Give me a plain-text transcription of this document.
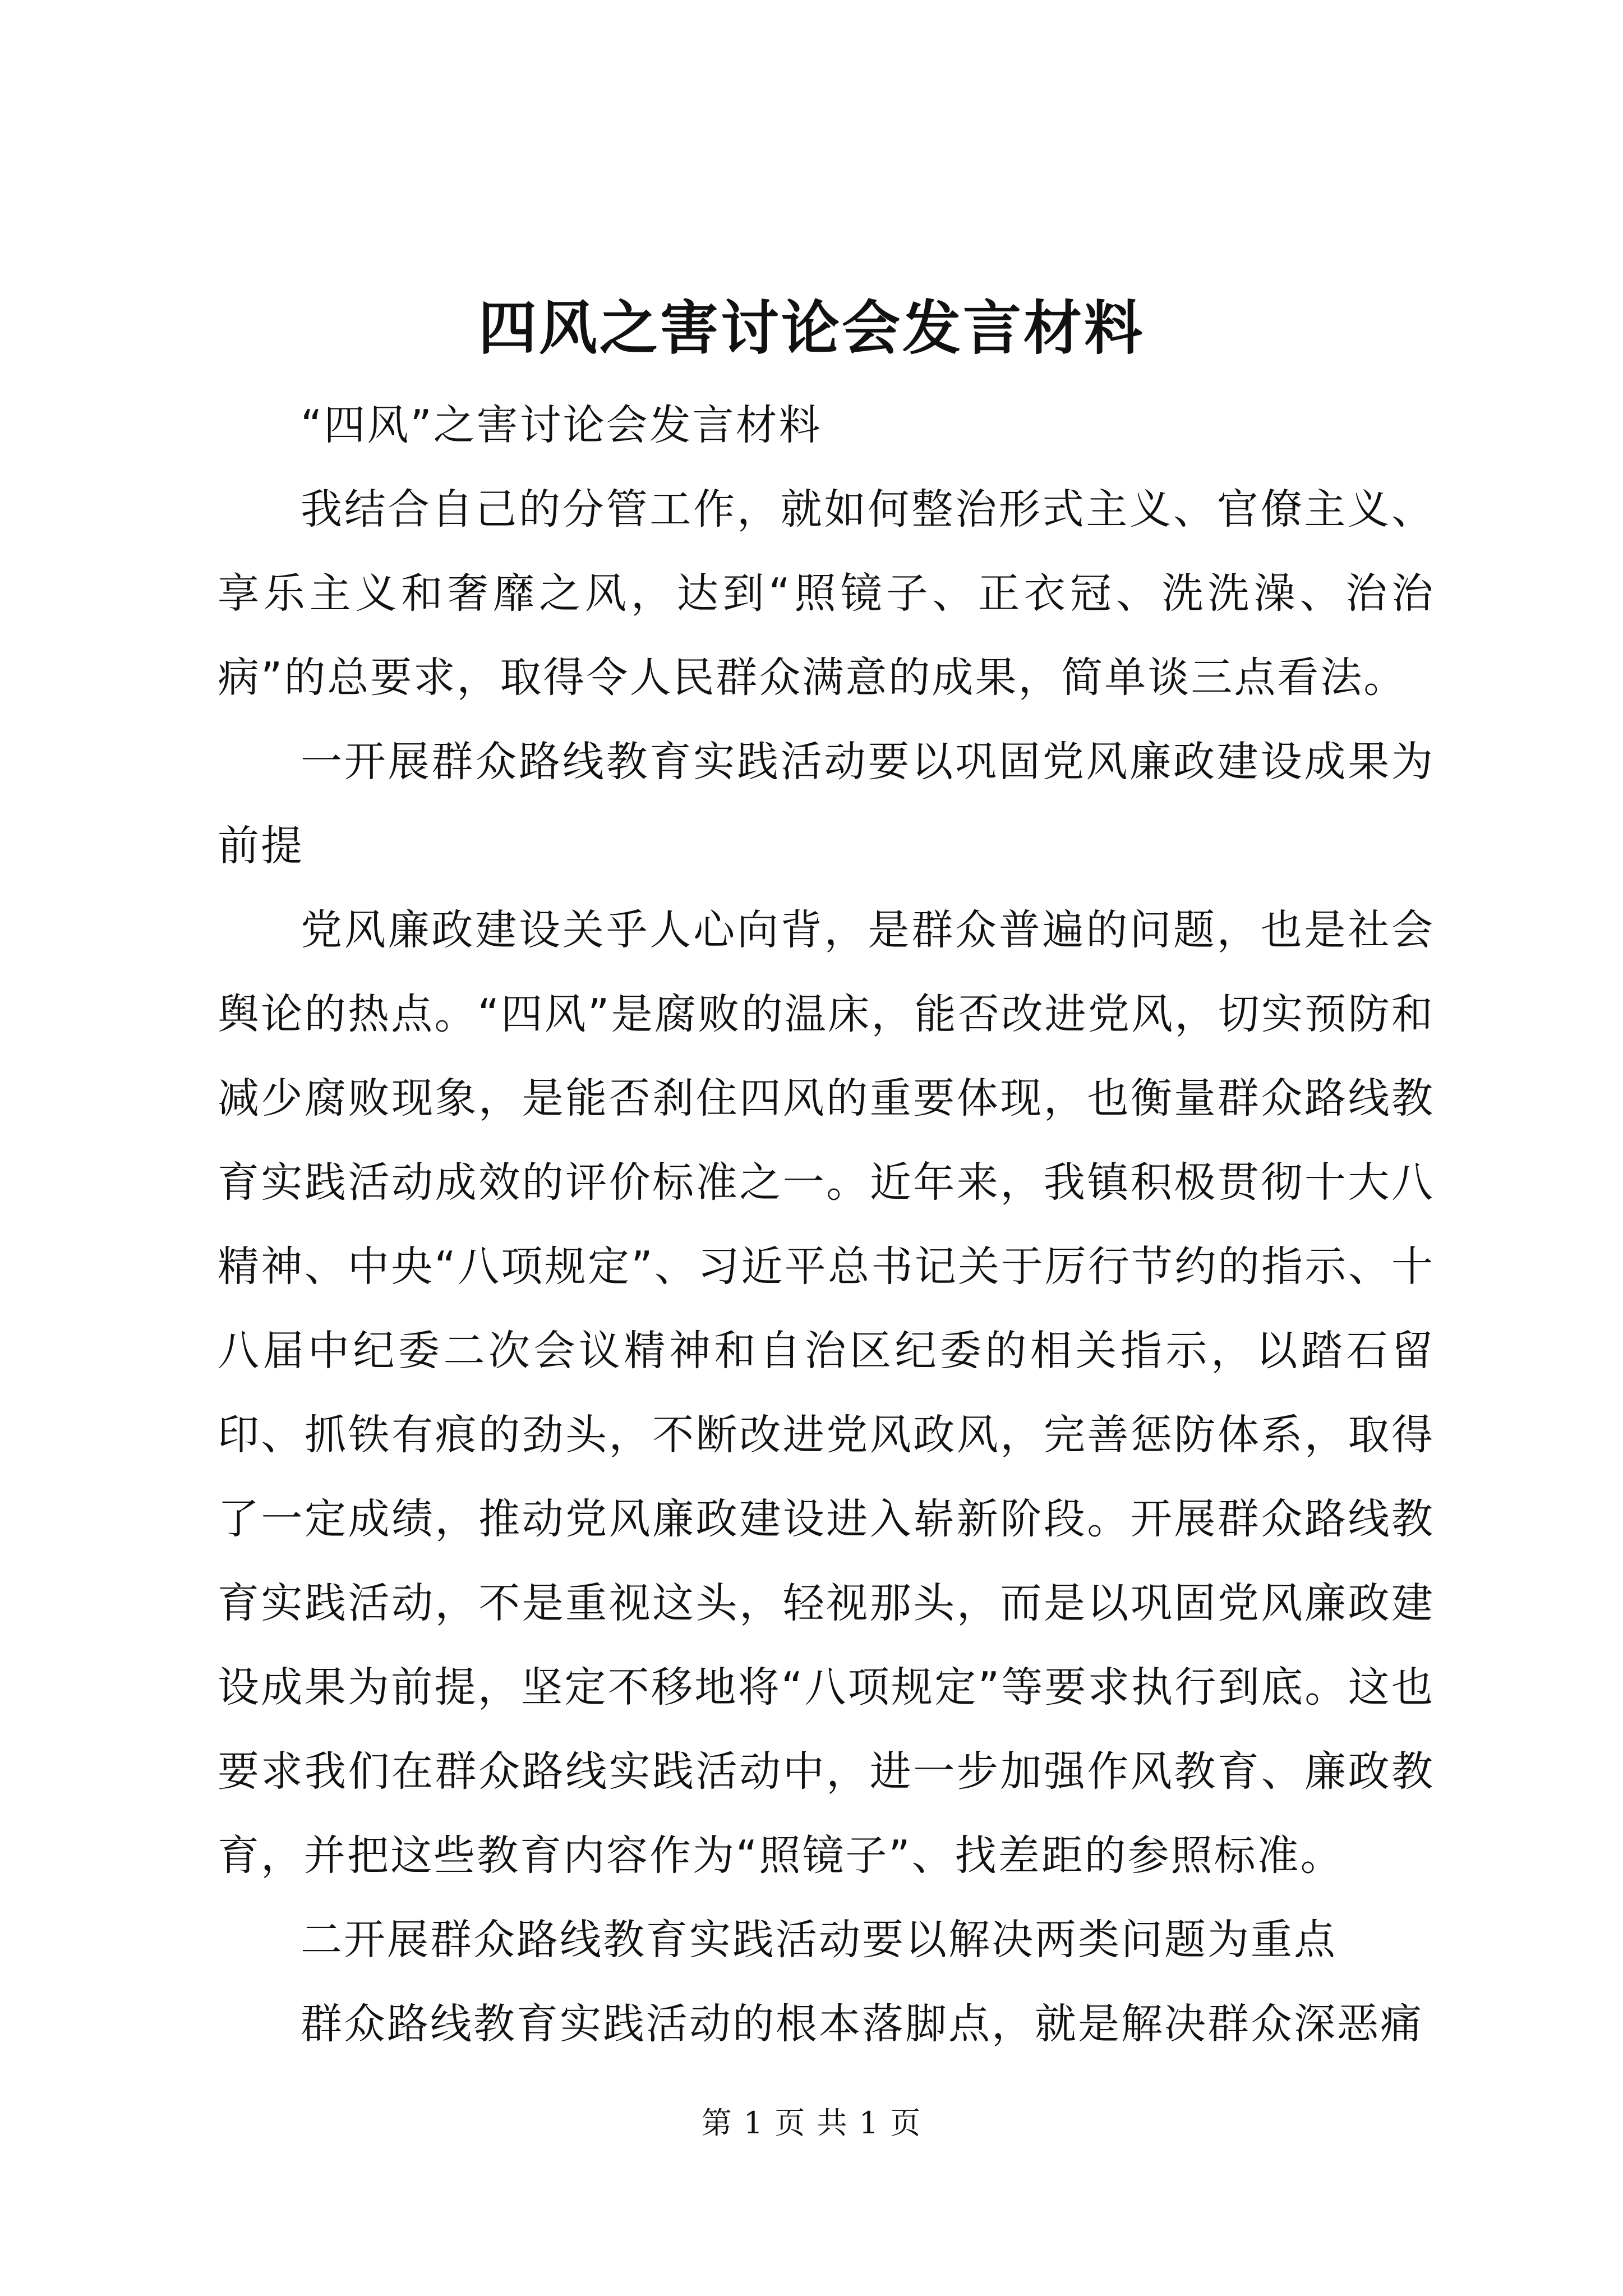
四风之害讨论会发言材料

“四风”之害讨论会发言材料

我结合自己的分管工作，就如何整治形式主义、官僚主义、享乐主义和奢靡之风，达到“照镜子、正衣冠、洗洗澡、治治病”的总要求，取得令人民群众满意的成果，简单谈三点看法。

一开展群众路线教育实践活动要以巩固党风廉政建设成果为前提

党风廉政建设关乎人心向背，是群众普遍的问题，也是社会舆论的热点。“四风”是腐败的温床，能否改进党风，切实预防和减少腐败现象，是能否刹住四风的重要体现，也衡量群众路线教育实践活动成效的评价标准之一。近年来，我镇积极贯彻十大八精神、中央“八项规定”、习近平总书记关于厉行节约的指示、十八届中纪委二次会议精神和自治区纪委的相关指示，以踏石留印、抓铁有痕的劲头，不断改进党风政风，完善惩防体系，取得了一定成绩，推动党风廉政建设进入崭新阶段。开展群众路线教育实践活动，不是重视这头，轻视那头，而是以巩固党风廉政建设成果为前提，坚定不移地将“八项规定”等要求执行到底。这也要求我们在群众路线实践活动中，进一步加强作风教育、廉政教育，并把这些教育内容作为“照镜子”、找差距的参照标准。

二开展群众路线教育实践活动要以解决两类问题为重点

群众路线教育实践活动的根本落脚点，就是解决群众深恶痛

第 1 页 共 1 页
